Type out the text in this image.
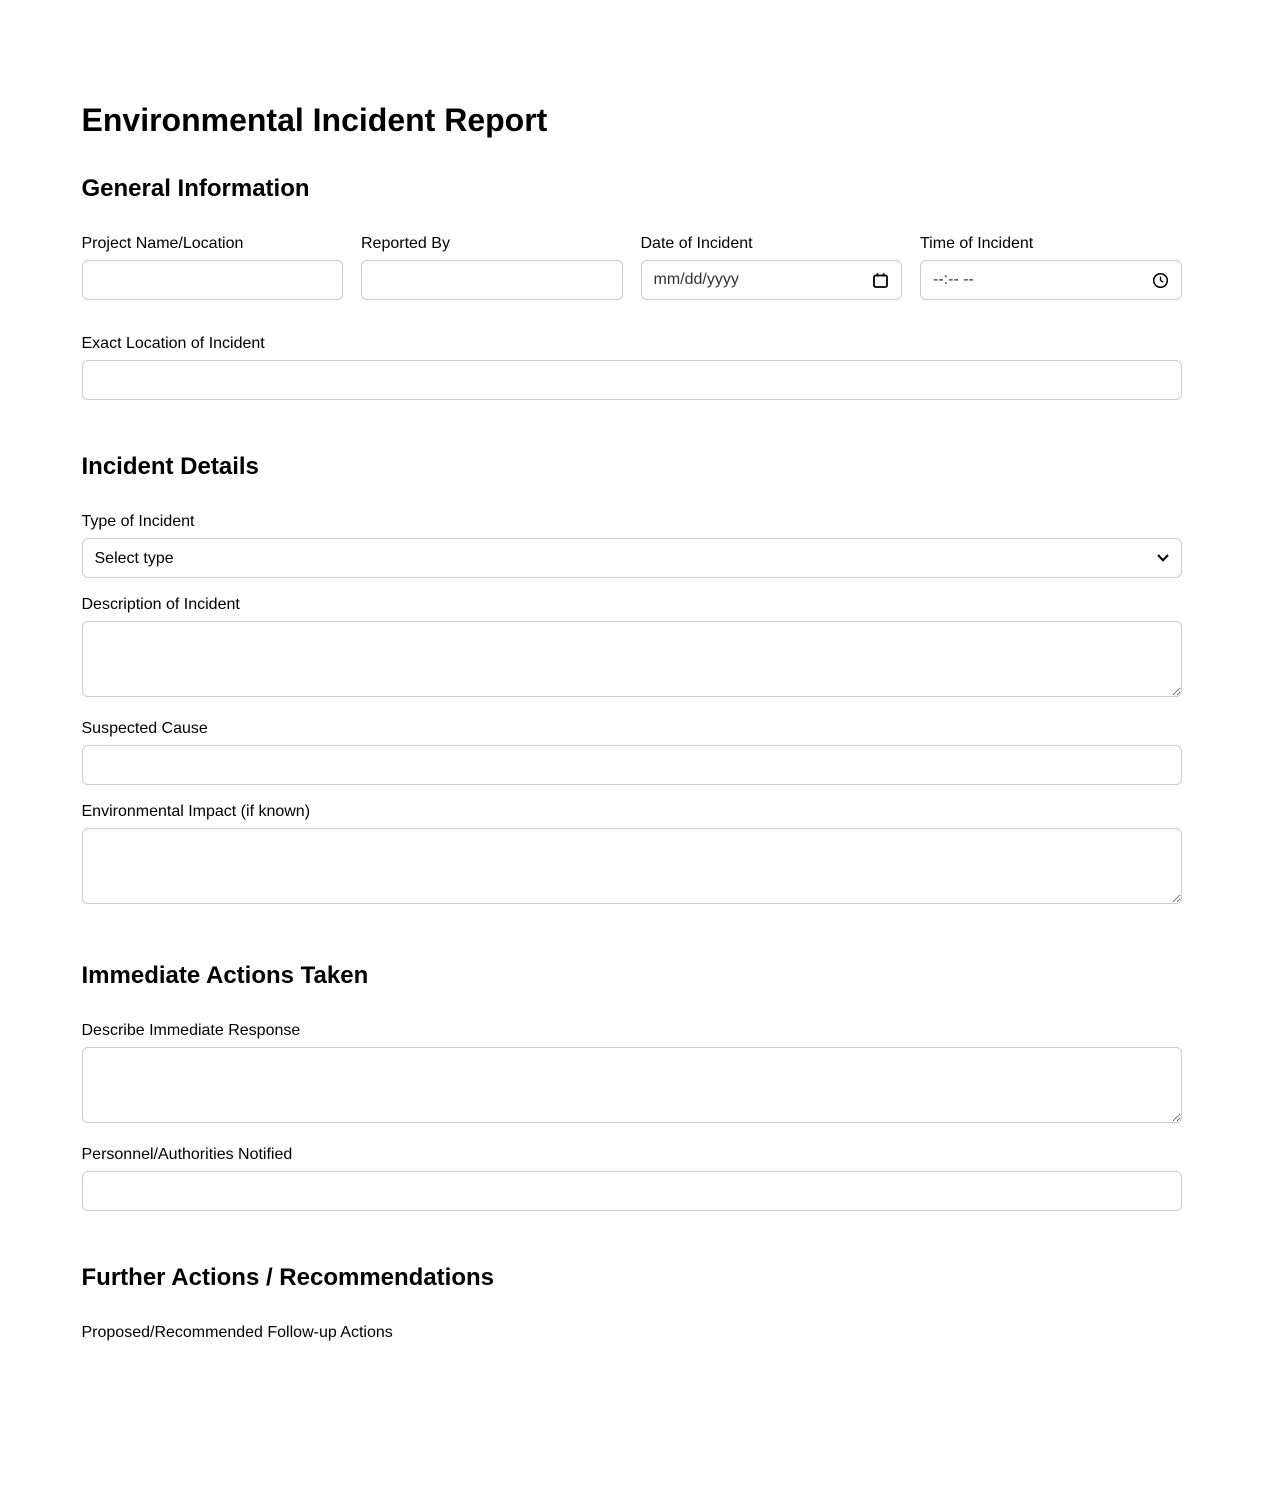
Environmental Incident Report
General Information
Project Name/Location	Reported By	Date of Incident
mm/dd/yyyy
Time of Incident
--:-- --
Exact Location of Incident
Incident Details
Type of Incident
Select type
Description of Incident
Suspected Cause
Environmental Impact (if known)
Immediate Actions Taken
Describe Immediate Response
Personnel/Authorities Notified
Further Actions / Recommendations
Proposed/Recommended Follow-up Actions
